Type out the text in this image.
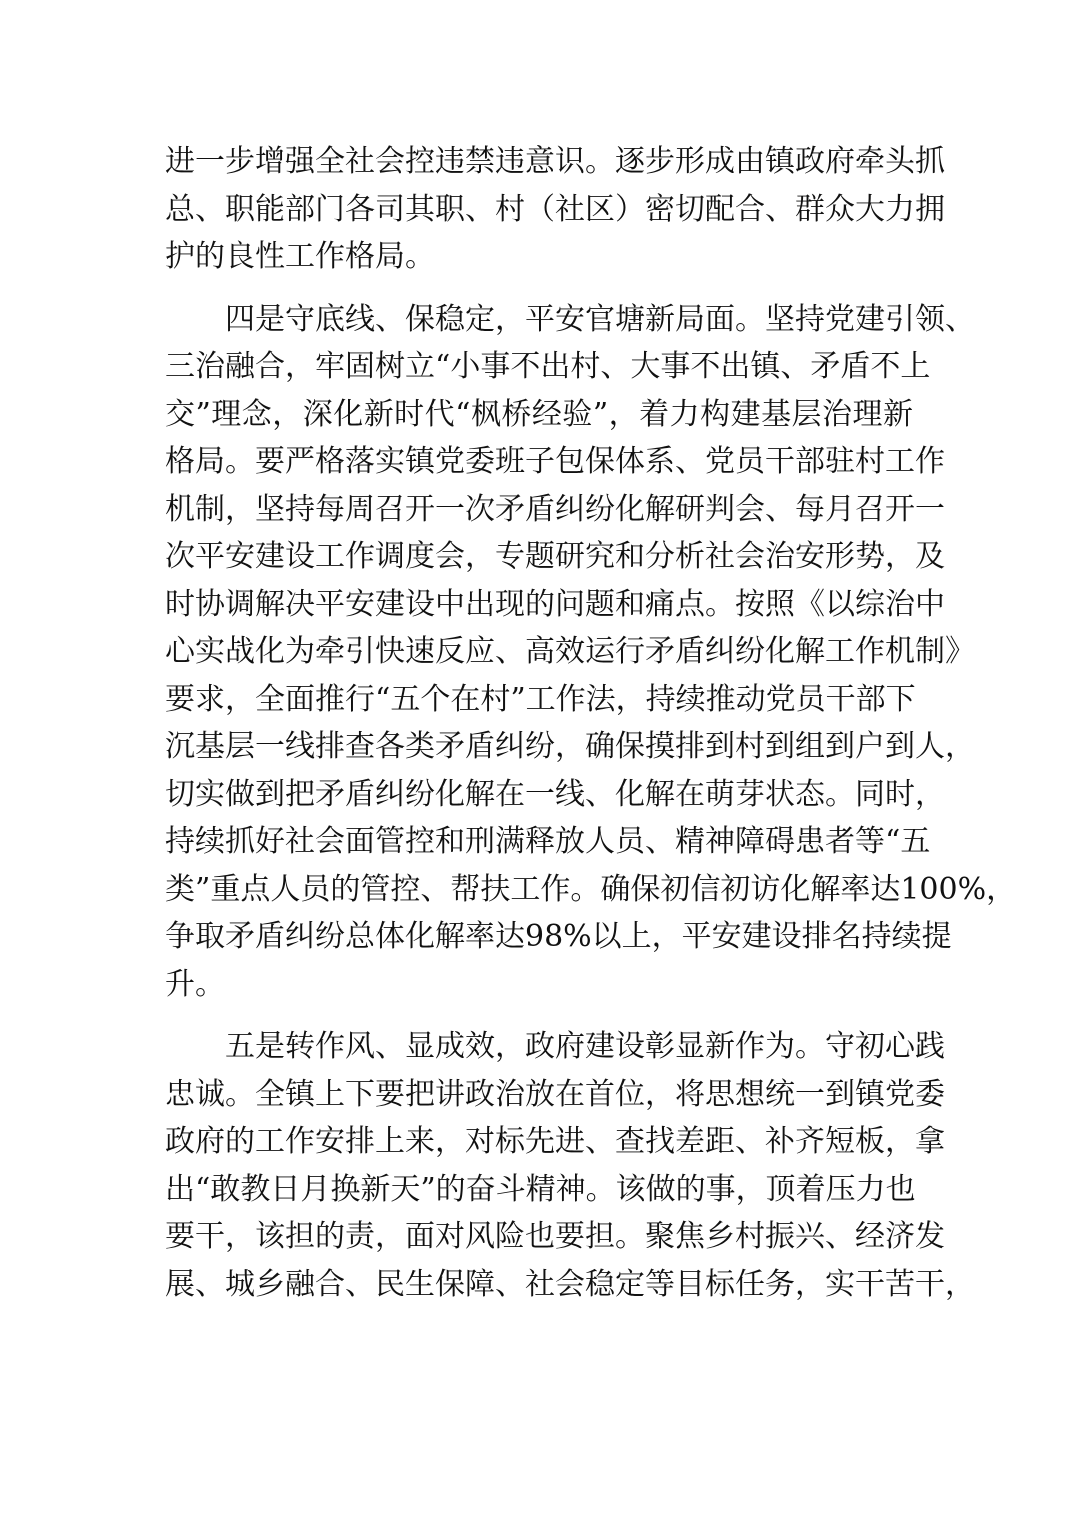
进一步增强全社会控违禁违意识。逐步形成由镇政府牵头抓
总、职能部门各司其职、村（社区）密切配合、群众大力拥
护的良性工作格局。
四是守底线、保稳定，平安官塘新局面。坚持党建引领、
三治融合，牢固树立“小事不出村、大事不出镇、矛盾不上
交”理念，深化新时代“枫桥经验”，着力构建基层治理新
格局。要严格落实镇党委班子包保体系、党员干部驻村工作
机制，坚持每周召开一次矛盾纠纷化解研判会、每月召开一
次平安建设工作调度会，专题研究和分析社会治安形势，及
时协调解决平安建设中出现的问题和痛点。按照《以综治中
心实战化为牵引快速反应、高效运行矛盾纠纷化解工作机制》
要求，全面推行“五个在村”工作法，持续推动党员干部下
沉基层一线排查各类矛盾纠纷，确保摸排到村到组到户到人，
切实做到把矛盾纠纷化解在一线、化解在萌芽状态。同时，
持续抓好社会面管控和刑满释放人员、精神障碍患者等“五
类”重点人员的管控、帮扶工作。确保初信初访化解率达100%，
争取矛盾纠纷总体化解率达98%以上，平安建设排名持续提
升。
五是转作风、显成效，政府建设彰显新作为。守初心践
忠诚。全镇上下要把讲政治放在首位，将思想统一到镇党委
政府的工作安排上来，对标先进、查找差距、补齐短板，拿
出“敢教日月换新天”的奋斗精神。该做的事，顶着压力也
要干，该担的责，面对风险也要担。聚焦乡村振兴、经济发
展、城乡融合、民生保障、社会稳定等目标任务，实干苦干，
